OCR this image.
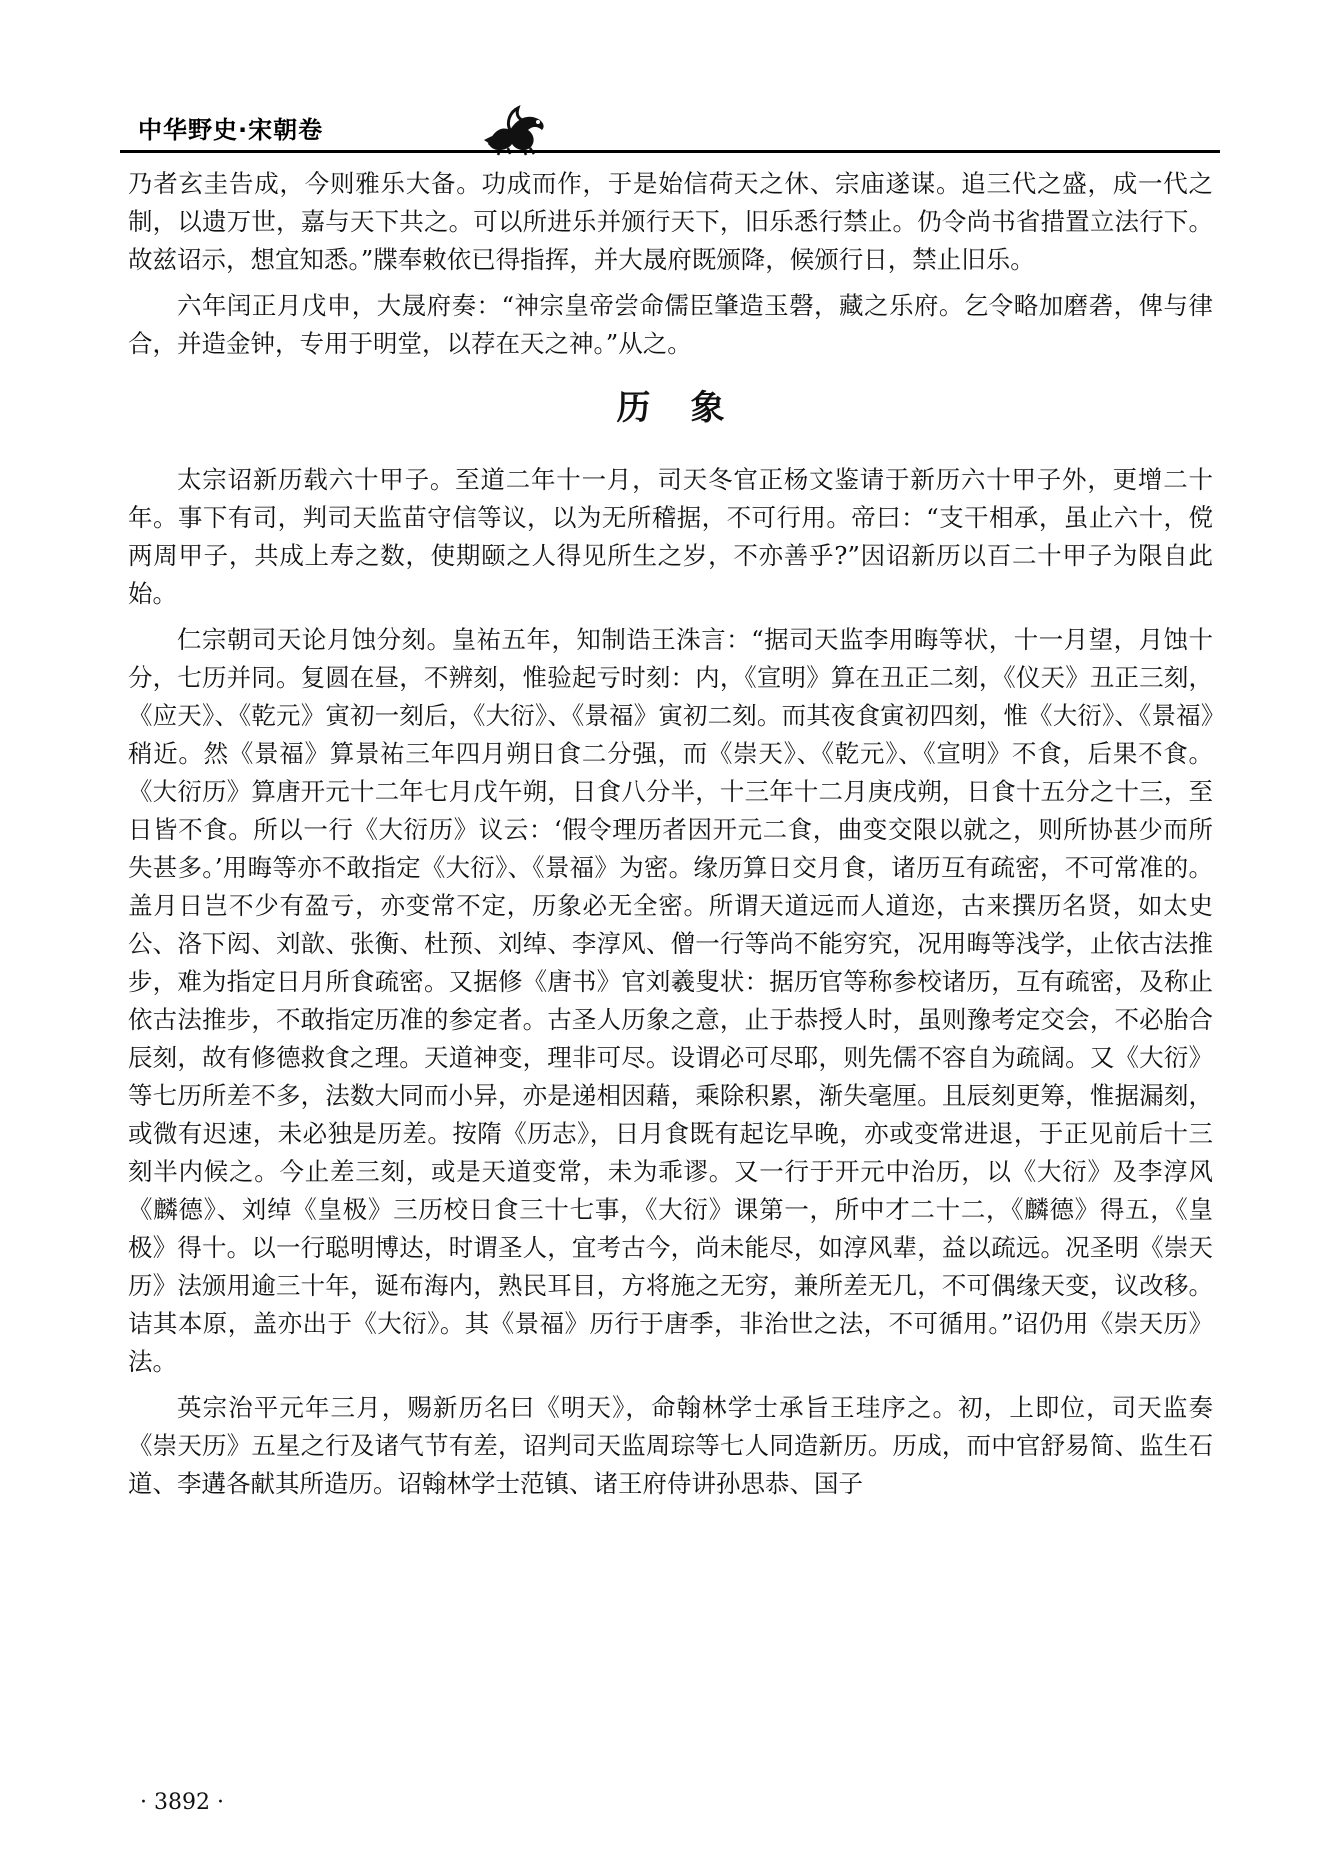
中华野史·宋朝卷

乃者玄圭告成，今则雅乐大备。功成而作，于是始信荷天之休、宗庙遂谋。追三代之盛，成一代之制，以遗万世，嘉与天下共之。可以所进乐并颁行天下，旧乐悉行禁止。仍令尚书省措置立法行下。故兹诏示，想宜知悉。”牒奉敕依已得指挥，并大晟府既颁降，候颁行日，禁止旧乐。

六年闰正月戊申，大晟府奏：“神宗皇帝尝命儒臣肇造玉磬，藏之乐府。乞令略加磨砻，俾与律合，并造金钟，专用于明堂，以荐在天之神。”从之。

历象

太宗诏新历载六十甲子。至道二年十一月，司天冬官正杨文鉴请于新历六十甲子外，更增二十年。事下有司，判司天监苗守信等议，以为无所稽据，不可行用。帝曰：“支干相承，虽止六十，傥两周甲子，共成上寿之数，使期颐之人得见所生之岁，不亦善乎?”因诏新历以百二十甲子为限自此始。

仁宗朝司天论月蚀分刻。皇祐五年，知制诰王洙言：“据司天监李用晦等状，十一月望，月蚀十分，七历并同。复圆在昼，不辨刻，惟验起亏时刻：内，《宣明》算在丑正二刻，《仪天》丑正三刻，《应天》、《乾元》寅初一刻后，《大衍》、《景福》寅初二刻。而其夜食寅初四刻，惟《大衍》、《景福》稍近。然《景福》算景祐三年四月朔日食二分强，而《崇天》、《乾元》、《宣明》不食，后果不食。《大衍历》算唐开元十二年七月戊午朔，日食八分半，十三年十二月庚戌朔，日食十五分之十三，至日皆不食。所以一行《大衍历》议云：‘假令理历者因开元二食，曲变交限以就之，则所协甚少而所失甚多。’用晦等亦不敢指定《大衍》、《景福》为密。缘历算日交月食，诸历互有疏密，不可常准的。盖月日岂不少有盈亏，亦变常不定，历象必无全密。所谓天道远而人道迩，古来撰历名贤，如太史公、洛下闳、刘歆、张衡、杜预、刘绰、李淳风、僧一行等尚不能穷究，况用晦等浅学，止依古法推步，难为指定日月所食疏密。又据修《唐书》官刘羲叟状：据历官等称参校诸历，互有疏密，及称止依古法推步，不敢指定历准的参定者。古圣人历象之意，止于恭授人时，虽则豫考定交会，不必胎合辰刻，故有修德救食之理。天道神变，理非可尽。设谓必可尽耶，则先儒不容自为疏阔。又《大衍》等七历所差不多，法数大同而小异，亦是递相因藉，乘除积累，渐失毫厘。且辰刻更筹，惟据漏刻，或微有迟速，未必独是历差。按隋《历志》，日月食既有起讫早晚，亦或变常进退，于正见前后十三刻半内候之。今止差三刻，或是天道变常，未为乖谬。又一行于开元中治历，以《大衍》及李淳风《麟德》、刘绰《皇极》三历校日食三十七事，《大衍》课第一，所中才二十二，《麟德》得五，《皇极》得十。以一行聪明博达，时谓圣人，宜考古今，尚未能尽，如淳风辈，益以疏远。况圣明《崇天历》法颁用逾三十年，诞布海内，熟民耳目，方将施之无穷，兼所差无几，不可偶缘天变，议改移。诘其本原，盖亦出于《大衍》。其《景福》历行于唐季，非治世之法，不可循用。”诏仍用《崇天历》法。

英宗治平元年三月，赐新历名曰《明天》，命翰林学士承旨王珪序之。初，上即位，司天监奏《崇天历》五星之行及诸气节有差，诏判司天监周琮等七人同造新历。历成，而中官舒易简、监生石道、李遘各献其所造历。诏翰林学士范镇、诸王府侍讲孙思恭、国子

· 3892 ·
